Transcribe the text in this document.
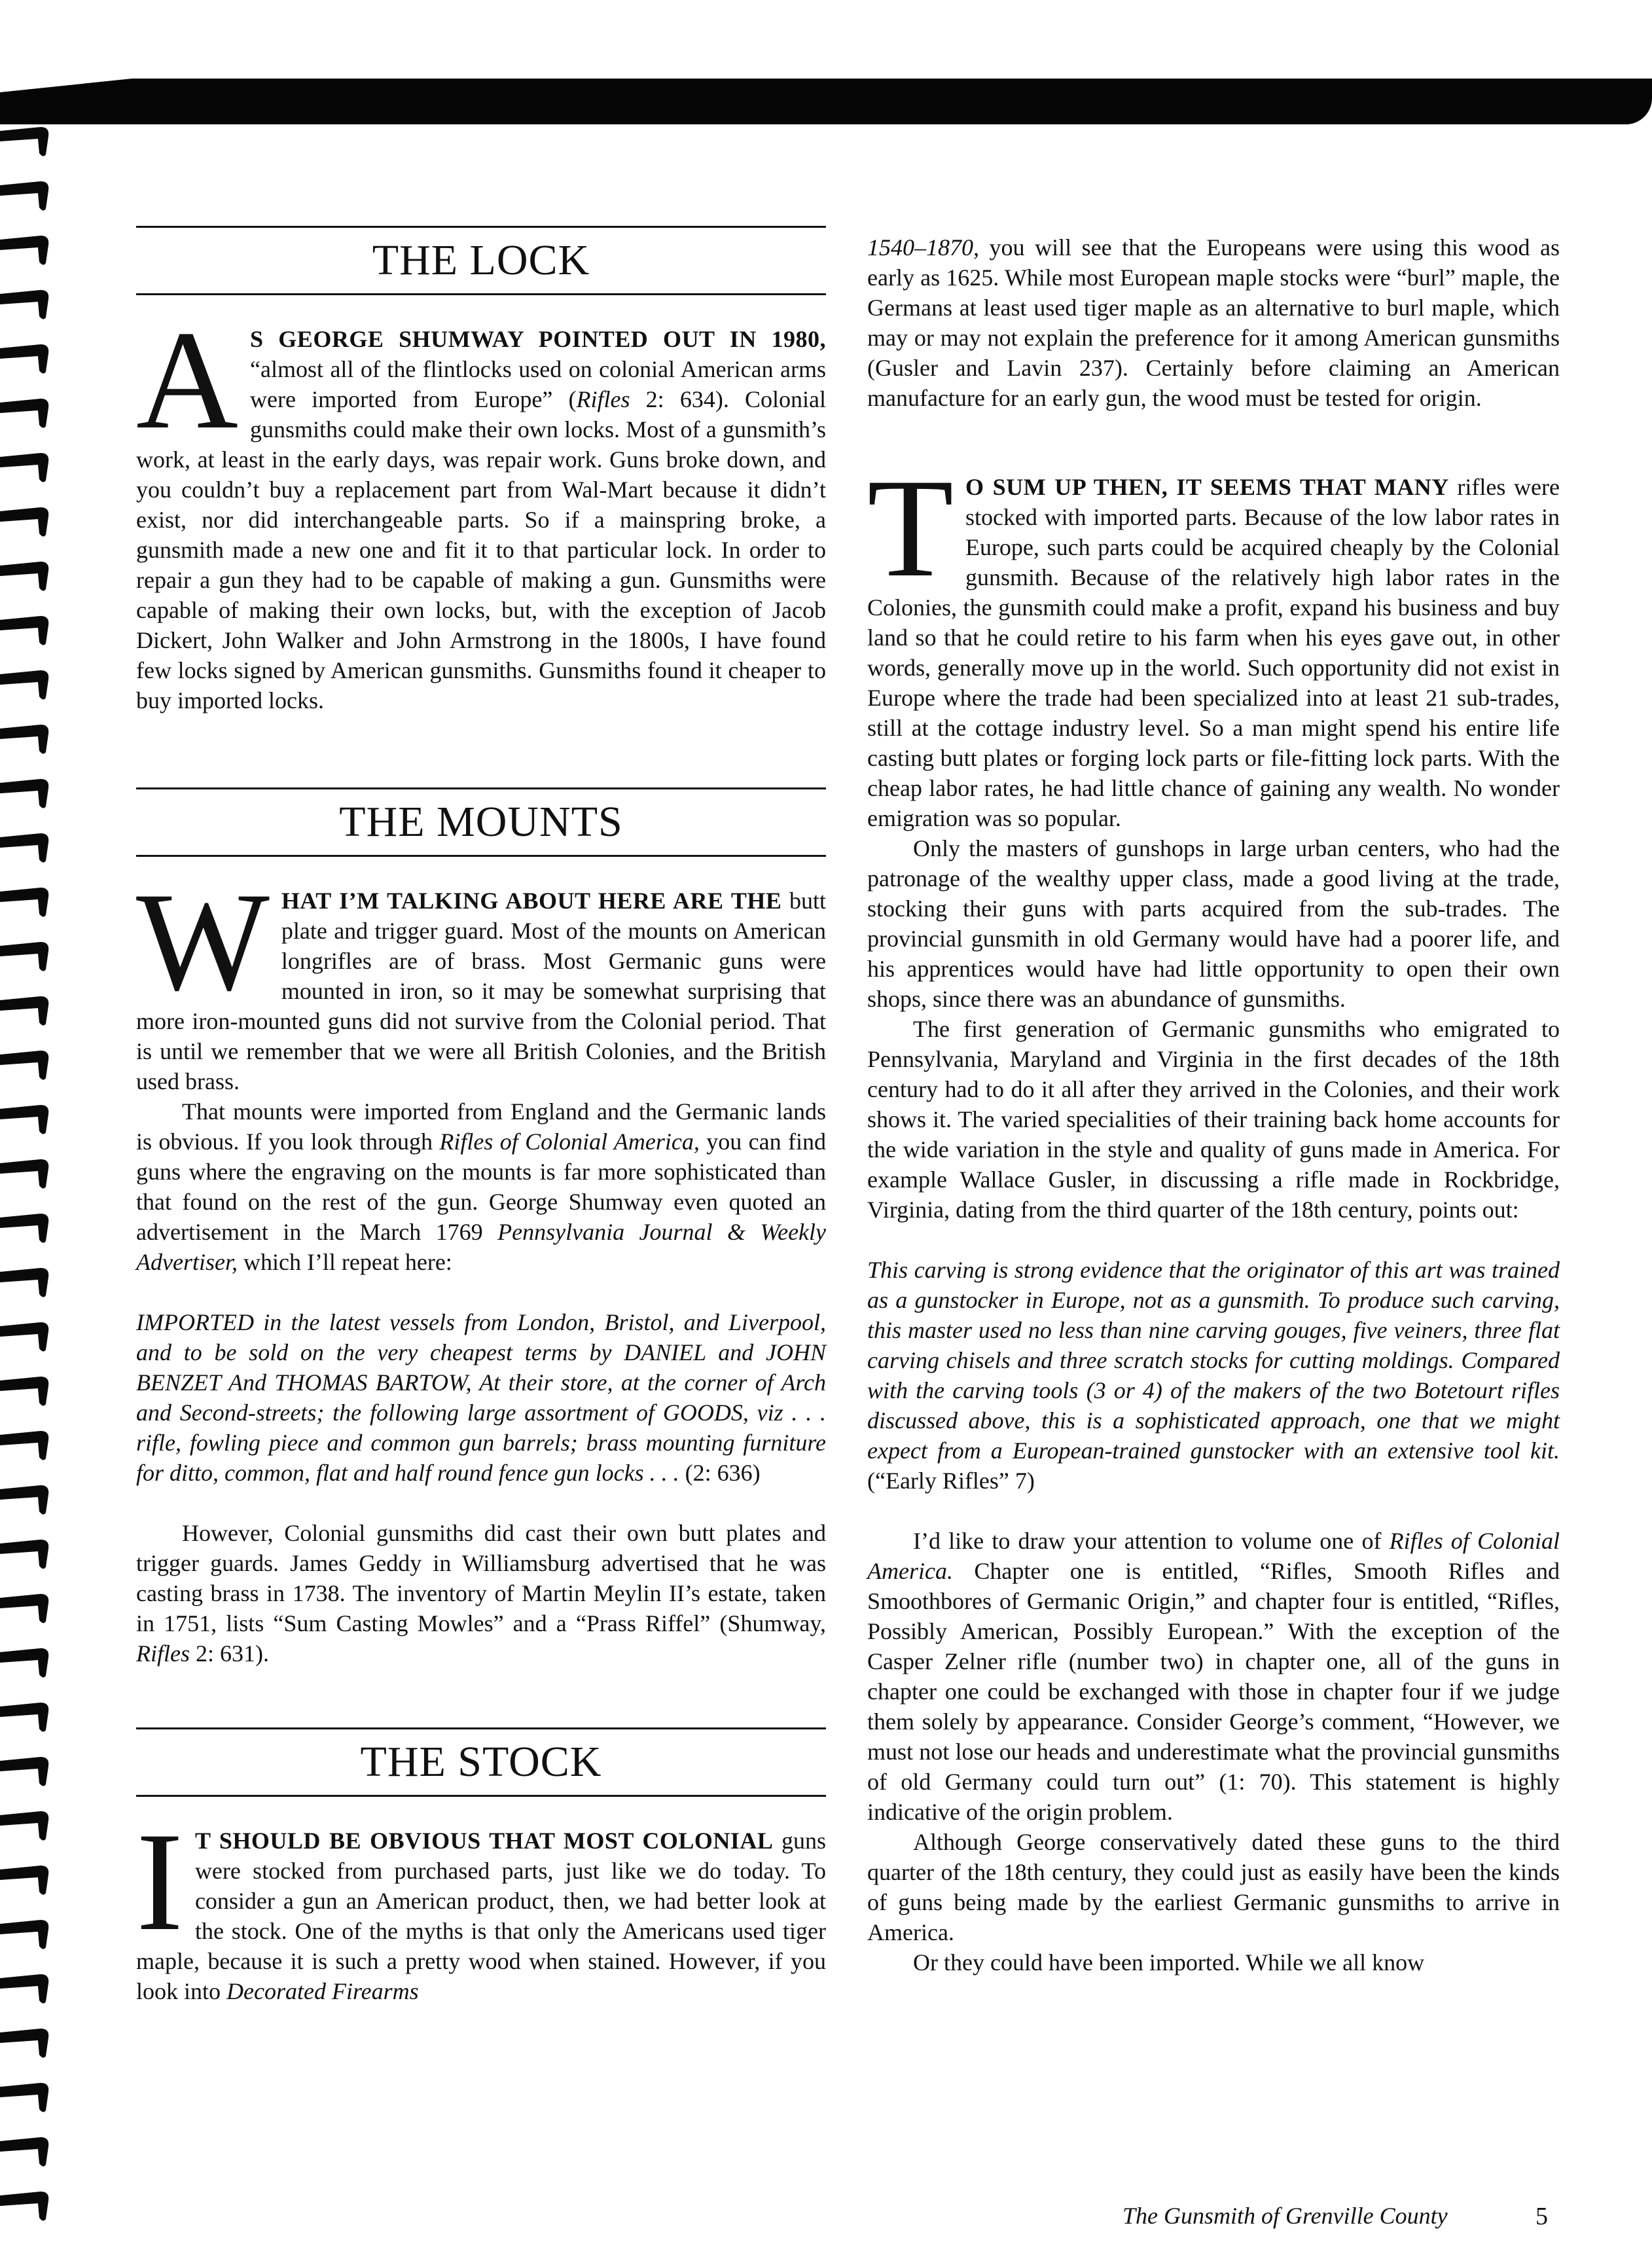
THE LOCK

A S GEORGE SHUMWAY POINTED OUT IN 1980, “almost all of the flintlocks used on colonial American arms were imported from Europe” (Rifles 2: 634). Colonial gunsmiths could make their own locks. Most of a gunsmith’s work, at least in the early days, was repair work. Guns broke down, and you couldn’t buy a replacement part from Wal-Mart because it didn’t exist, nor did interchangeable parts. So if a mainspring broke, a gunsmith made a new one and fit it to that particular lock. In order to repair a gun they had to be capable of making a gun. Gunsmiths were capable of making their own locks, but, with the exception of Jacob Dickert, John Walker and John Armstrong in the 1800s, I have found few locks signed by American gunsmiths. Gunsmiths found it cheaper to buy imported locks.

THE MOUNTS

WHAT I’M TALKING ABOUT HERE ARE THE butt plate and trigger guard. Most of the mounts on American longrifles are of brass. Most Germanic guns were mounted in iron, so it may be somewhat surprising that more iron-mounted guns did not survive from the Colonial period. That is until we remember that we were all British Colonies, and the British used brass.

That mounts were imported from England and the Germanic lands is obvious. If you look through Rifles of Colonial America, you can find guns where the engraving on the mounts is far more sophisticated than that found on the rest of the gun. George Shumway even quoted an advertisement in the March 1769 Pennsylvania Journal & Weekly Advertiser, which I’ll repeat here:

IMPORTED in the latest vessels from London, Bristol, and Liverpool, and to be sold on the very cheapest terms by DANIEL and JOHN BENZET And THOMAS BARTOW, At their store, at the corner of Arch and Second-streets; the following large assortment of GOODS, viz . . . rifle, fowling piece and common gun barrels; brass mounting furniture for ditto, common, flat and half round fence gun locks . . . (2: 636)

However, Colonial gunsmiths did cast their own butt plates and trigger guards. James Geddy in Williamsburg advertised that he was casting brass in 1738. The inventory of Martin Meylin II’s estate, taken in 1751, lists “Sum Casting Mowles” and a “Prass Riffel” (Shumway, Rifles 2: 631).

THE STOCK

I T SHOULD BE OBVIOUS THAT MOST COLONIAL guns were stocked from purchased parts, just like we do today. To consider a gun an American product, then, we had better look at the stock. One of the myths is that only the Americans used tiger maple, because it is such a pretty wood when stained. However, if you look into Decorated Firearms

1540–1870, you will see that the Europeans were using this wood as early as 1625. While most European maple stocks were “burl” maple, the Germans at least used tiger maple as an alternative to burl maple, which may or may not explain the preference for it among American gunsmiths (Gusler and Lavin 237). Certainly before claiming an American manufacture for an early gun, the wood must be tested for origin.

T O SUM UP THEN, IT SEEMS THAT MANY rifles were stocked with imported parts. Because of the low labor rates in Europe, such parts could be acquired cheaply by the Colonial gunsmith. Because of the relatively high labor rates in the Colonies, the gunsmith could make a profit, expand his business and buy land so that he could retire to his farm when his eyes gave out, in other words, generally move up in the world. Such opportunity did not exist in Europe where the trade had been specialized into at least 21 sub-trades, still at the cottage industry level. So a man might spend his entire life casting butt plates or forging lock parts or file-fitting lock parts. With the cheap labor rates, he had little chance of gaining any wealth. No wonder emigration was so popular.

Only the masters of gunshops in large urban centers, who had the patronage of the wealthy upper class, made a good living at the trade, stocking their guns with parts acquired from the sub-trades. The provincial gunsmith in old Germany would have had a poorer life, and his apprentices would have had little opportunity to open their own shops, since there was an abundance of gunsmiths.

The first generation of Germanic gunsmiths who emigrated to Pennsylvania, Maryland and Virginia in the first decades of the 18th century had to do it all after they arrived in the Colonies, and their work shows it. The varied specialities of their training back home accounts for the wide variation in the style and quality of guns made in America. For example Wallace Gusler, in discussing a rifle made in Rockbridge, Virginia, dating from the third quarter of the 18th century, points out:

This carving is strong evidence that the originator of this art was trained as a gunstocker in Europe, not as a gunsmith. To produce such carving, this master used no less than nine carving gouges, five veiners, three flat carving chisels and three scratch stocks for cutting moldings. Compared with the carving tools (3 or 4) of the makers of the two Botetourt rifles discussed above, this is a sophisticated approach, one that we might expect from a European-trained gunstocker with an extensive tool kit. (“Early Rifles” 7)

I’d like to draw your attention to volume one of Rifles of Colonial America. Chapter one is entitled, “Rifles, Smooth Rifles and Smoothbores of Germanic Origin,” and chapter four is entitled, “Rifles, Possibly American, Possibly European.” With the exception of the Casper Zelner rifle (number two) in chapter one, all of the guns in chapter one could be exchanged with those in chapter four if we judge them solely by appearance. Consider George’s comment, “However, we must not lose our heads and underestimate what the provincial gunsmiths of old Germany could turn out” (1: 70). This statement is highly indicative of the origin problem.

Although George conservatively dated these guns to the third quarter of the 18th century, they could just as easily have been the kinds of guns being made by the earliest Germanic gunsmiths to arrive in America.

Or they could have been imported. While we all know

The Gunsmith of Grenville County	5
